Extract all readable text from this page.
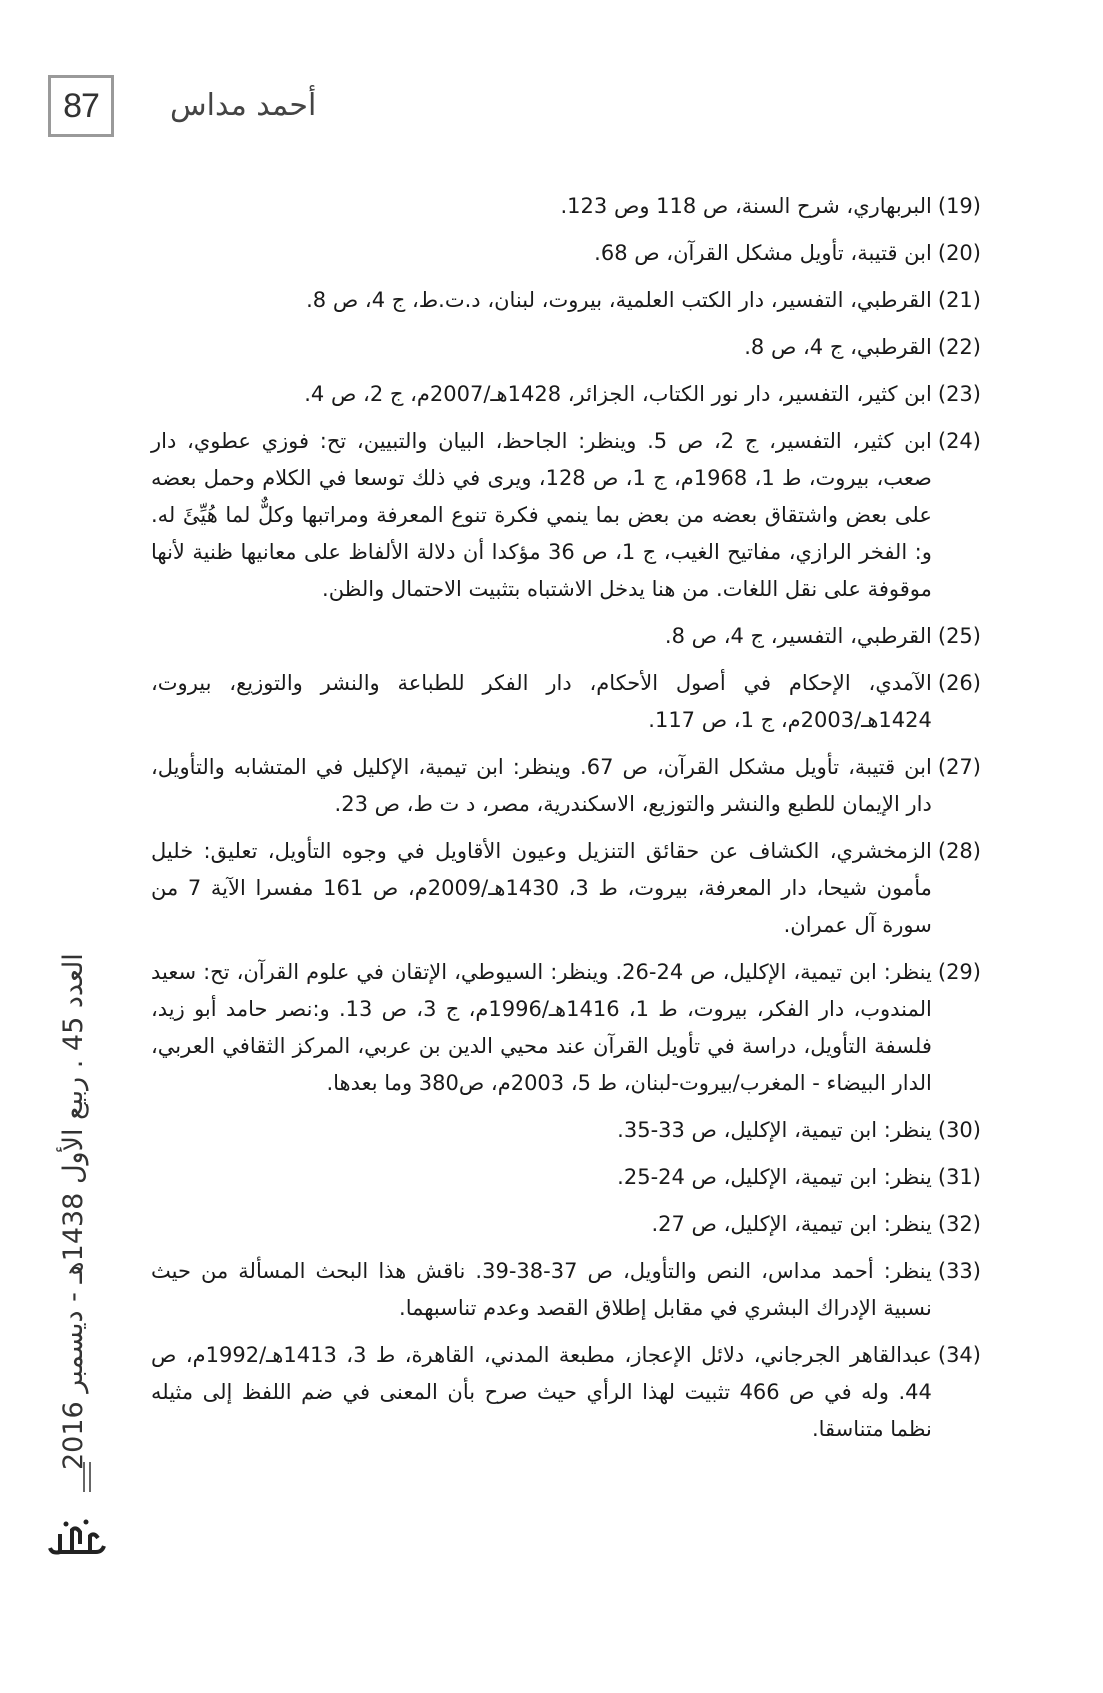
87	أحمد مداس
(19)
البربهاري، شرح السنة، ص 118 وص 123.
(20)
ابن قتيبة، تأويل مشكل القرآن، ص 68.
(21)
القرطبي، التفسير، دار الكتب العلمية، بيروت، لبنان، د.ت.ط، ج 4، ص 8.
(22)
القرطبي، ج 4، ص 8.
(23)
ابن كثير، التفسير، دار نور الكتاب، الجزائر، 1428هـ/2007م، ج 2، ص 4.
(24)
ابن كثير، التفسير، ج 2، ص 5. وينظر: الجاحظ، البيان والتبيين، تح: فوزي عطوي، دار صعب، بيروت، ط 1، 1968م، ج 1، ص 128، ويرى في ذلك توسعا في الكلام وحمل بعضه على بعض واشتقاق بعضه من بعض بما ينمي فكرة تنوع المعرفة ومراتبها وكلٌّ لما هُيِّئَ له. و: الفخر الرازي، مفاتيح الغيب، ج 1، ص 36 مؤكدا أن دلالة الألفاظ على معانيها ظنية لأنها موقوفة على نقل اللغات. من هنا يدخل الاشتباه بتثبيت الاحتمال والظن.
(25)
القرطبي، التفسير، ج 4، ص 8.
(26)
الآمدي، الإحكام في أصول الأحكام، دار الفكر للطباعة والنشر والتوزيع، بيروت، 1424هـ/2003م، ج 1، ص 117.
(27)
ابن قتيبة، تأويل مشكل القرآن، ص 67. وينظر: ابن تيمية، الإكليل في المتشابه والتأويل، دار الإيمان للطبع والنشر والتوزيع، الاسكندرية، مصر، د ت ط، ص 23.
(28)
الزمخشري، الكشاف عن حقائق التنزيل وعيون الأقاويل في وجوه التأويل، تعليق: خليل مأمون شيحا، دار المعرفة، بيروت، ط 3، 1430هـ/2009م، ص 161 مفسرا الآية 7 من سورة آل عمران.
(29)
ينظر: ابن تيمية، الإكليل، ص 24-26. وينظر: السيوطي، الإتقان في علوم القرآن، تح: سعيد المندوب، دار الفكر، بيروت، ط 1، 1416هـ/1996م، ج 3، ص 13. و:نصر حامد أبو زيد، فلسفة التأويل، دراسة في تأويل القرآن عند محيي الدين بن عربي، المركز الثقافي العربي، الدار البيضاء - المغرب/بيروت-لبنان، ط 5، 2003م، ص380 وما بعدها.
(30)
ينظر: ابن تيمية، الإكليل، ص 33-35.
(31)
ينظر: ابن تيمية، الإكليل، ص 24-25.
(32)
ينظر: ابن تيمية، الإكليل، ص 27.
(33)
ينظر: أحمد مداس، النص والتأويل، ص 37-38-39. ناقش هذا البحث المسألة من حيث نسبية الإدراك البشري في مقابل إطلاق القصد وعدم تناسبهما.
(34)
عبدالقاهر الجرجاني، دلائل الإعجاز، مطبعة المدني، القاهرة، ط 3، 1413هـ/1992م، ص 44. وله في ص 466 تثبيت لهذا الرأي حيث صرح بأن المعنى في ضم اللفظ إلى مثيله نظما متناسقا.
العدد 45 . ربيع الأول 1438هـ - ديسمبر 2016
